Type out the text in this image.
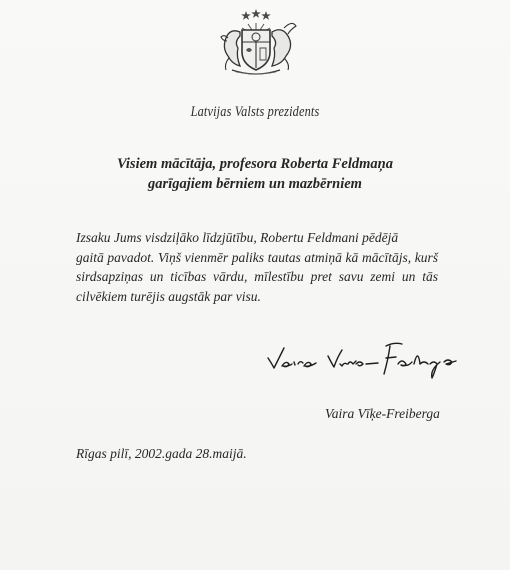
Latvijas Valsts prezidents
Visiem mācītāja, profesora Roberta Feldmaņa
garīgajiem bērniem un mazbērniem
Izsaku Jums visdziļāko līdzjūtību, Robertu Feldmani pēdējā
gaitā pavadot. Viņš vienmēr paliks tautas atmiņā kā mācītājs, kurš
sirdsapziņas un ticības vārdu, mīlestību pret savu zemi un tās
cilvēkiem turējis augstāk par visu.
Vaira Vīķe-Freiberga
Rīgas pilī, 2002.gada 28.maijā.
